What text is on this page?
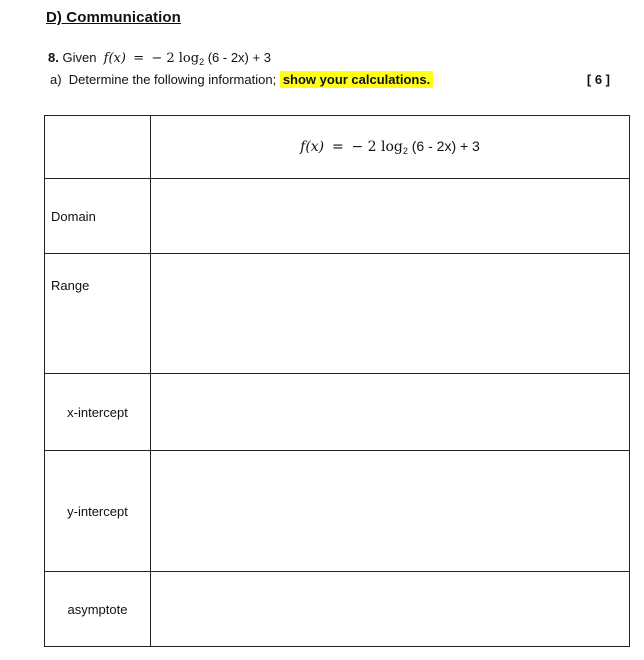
D) Communication
8. Given f(x) = − 2 $\log_2 (6 - 2x) + 3$
a) Determine the following information; show your calculations.	[ 6 ]
	f(x) = − 2 $\log_2 (6 - 2x) + 3$
Domain	
Range	
x-intercept	
y-intercept	
asymptote	
